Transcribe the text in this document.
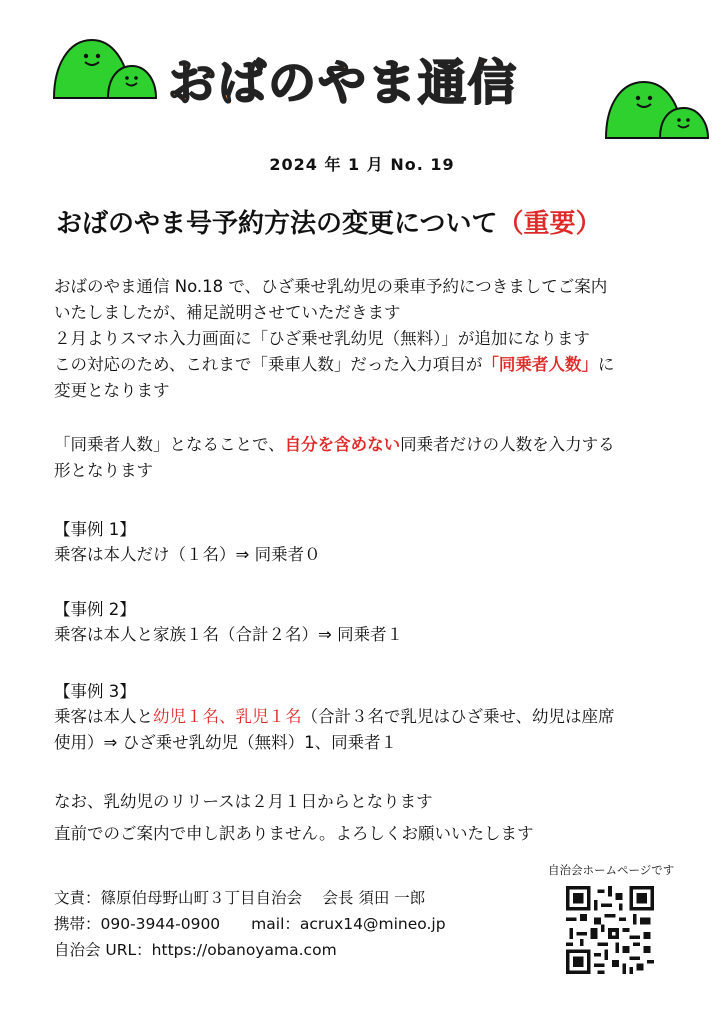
おばのやま通信
2024 年 1 月 No. 19
おばのやま号予約方法の変更について（重要）
おばのやま通信 No.18 で、ひざ乗せ乳幼児の乗車予約につきましてご案内
いたしましたが、補足説明させていただきます
２月よりスマホ入力画面に「ひざ乗せ乳幼児（無料）」が追加になります
この対応のため、これまで「乗車人数」だった入力項目が「同乗者人数」に
変更となります
「同乗者人数」となることで、自分を含めない同乗者だけの人数を入力する
形となります
【事例 1】
乗客は本人だけ（１名）⇒ 同乗者０
【事例 2】
乗客は本人と家族１名（合計２名）⇒ 同乗者１
【事例 3】
乗客は本人と幼児１名、乳児１名（合計３名で乳児はひざ乗せ、幼児は座席
使用）⇒ ひざ乗せ乳幼児（無料）1、同乗者１
なお、乳幼児のリリースは２月１日からとなります
直前でのご案内で申し訳ありません。よろしくお願いいたします
自治会ホームページです
文責：篠原伯母野山町３丁目自治会　 会長 須田 一郎
携帯：090-3944-0900　　mail：acrux14@mineo.jp
自治会 URL：https://obanoyama.com
